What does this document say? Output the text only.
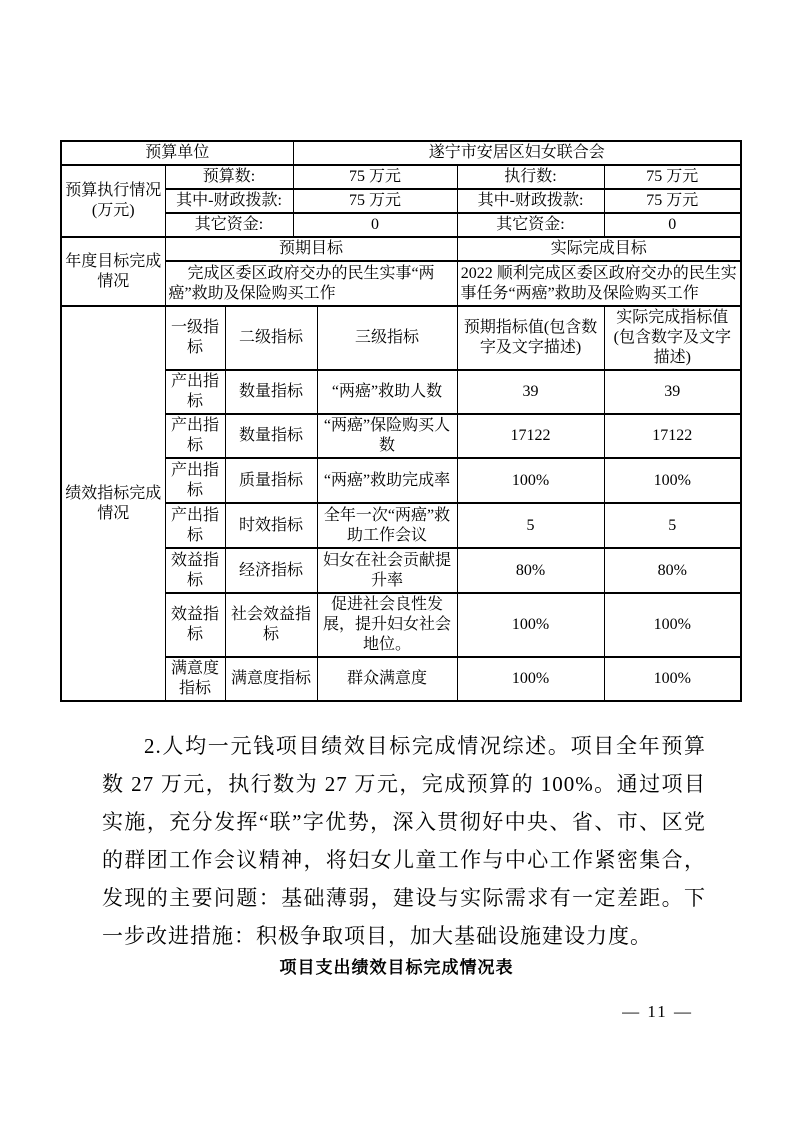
预算单位			遂宁市安居区妇女联合会			
预算执行情况(万元)	预算数:		75 万元		执行数:	75 万元
	其中-财政拨款:		75 万元		其中-财政拨款:	75 万元
	其它资金:		0		其它资金:	0
年度目标完成情况	预期目标				实际完成目标	
	完成区委区政府交办的民生实事“两癌”救助及保险购买工作				2022 顺利完成区委区政府交办的民生实事任务“两癌”救助及保险购买工作	
绩效指标完成情况	一级指标	二级指标		三级指标	预期指标值(包含数字及文字描述)	实际完成指标值(包含数字及文字描述)
	产出指标	数量指标		“两癌”救助人数	39	39
	产出指标	数量指标		“两癌”保险购买人数	17122	17122
	产出指标	质量指标		“两癌”救助完成率	100%	100%
	产出指标	时效指标		全年一次“两癌”救助工作会议	5	5
	效益指标	经济指标		妇女在社会贡献提升率	80%	80%
	效益指标	社会效益指标		促进社会良性发展，提升妇女社会地位。	100%	100%
	满意度指标	满意度指标		群众满意度	100%	100%

2.人均一元钱项目绩效目标完成情况综述。项目全年预算数 27 万元，执行数为 27 万元，完成预算的 100%。通过项目实施，充分发挥“联”字优势，深入贯彻好中央、省、市、区党的群团工作会议精神，将妇女儿童工作与中心工作紧密集合，发现的主要问题：基础薄弱，建设与实际需求有一定差距。下一步改进措施：积极争取项目，加大基础设施建设力度。

项目支出绩效目标完成情况表
— 11 —
